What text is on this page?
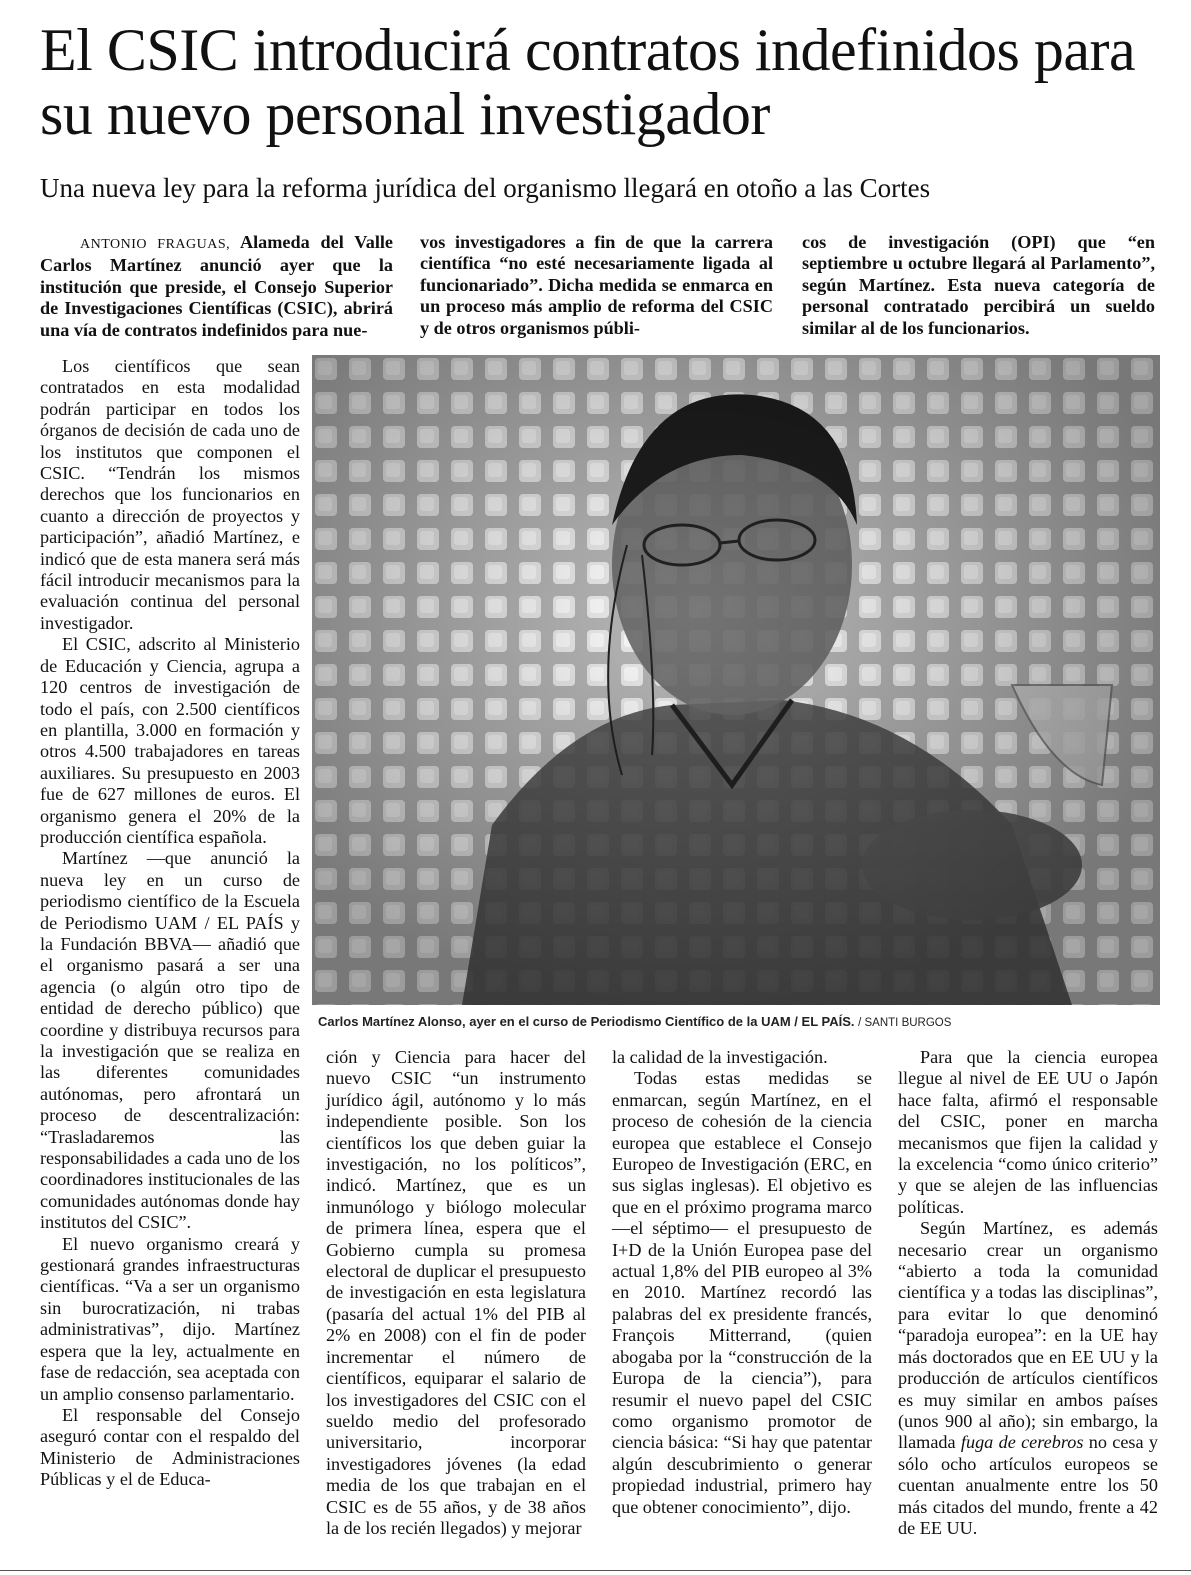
El CSIC introducirá contratos indefinidos para su nuevo personal investigador
Una nueva ley para la reforma jurídica del organismo llegará en otoño a las Cortes

ANTONIO FRAGUAS, Alameda del Valle Carlos Martínez anunció ayer que la institución que preside, el Consejo Superior de Investigaciones Científicas (CSIC), abrirá una vía de contratos indefinidos para nue-

vos investigadores a fin de que la carrera científica “no esté necesariamente ligada al funcionariado”. Dicha medida se enmarca en un proceso más amplio de reforma del CSIC y de otros organismos públi-

cos de investigación (OPI) que “en septiembre u octubre llegará al Parlamento”, según Martínez. Esta nueva categoría de personal contratado percibirá un sueldo similar al de los funcionarios.

Los científicos que sean contratados en esta modalidad podrán participar en todos los órganos de decisión de cada uno de los institutos que componen el CSIC. “Tendrán los mismos derechos que los funcionarios en cuanto a dirección de proyectos y participación”, añadió Martínez, e indicó que de esta manera será más fácil introducir mecanismos para la evaluación continua del personal investigador.

El CSIC, adscrito al Ministerio de Educación y Ciencia, agrupa a 120 centros de investigación de todo el país, con 2.500 científicos en plantilla, 3.000 en formación y otros 4.500 trabajadores en tareas auxiliares. Su presupuesto en 2003 fue de 627 millones de euros. El organismo genera el 20% de la producción científica española.

Martínez —que anunció la nueva ley en un curso de periodismo científico de la Escuela de Periodismo UAM / EL PAÍS y la Fundación BBVA— añadió que el organismo pasará a ser una agencia (o algún otro tipo de entidad de derecho público) que coordine y distribuya recursos para la investigación que se realiza en las diferentes comunidades autónomas, pero afrontará un proceso de descentralización: “Trasladaremos las responsabilidades a cada uno de los coordinadores institucionales de las comunidades autónomas donde hay institutos del CSIC”.

El nuevo organismo creará y gestionará grandes infraestructuras científicas. “Va a ser un organismo sin burocratización, ni trabas administrativas”, dijo. Martínez espera que la ley, actualmente en fase de redacción, sea aceptada con un amplio consenso parlamentario.

El responsable del Consejo aseguró contar con el respaldo del Ministerio de Administraciones Públicas y el de Educa-

Carlos Martínez Alonso, ayer en el curso de Periodismo Científico de la UAM / EL PAÍS. / SANTI BURGOS

ción y Ciencia para hacer del nuevo CSIC “un instrumento jurídico ágil, autónomo y lo más independiente posible. Son los científicos los que deben guiar la investigación, no los políticos”, indicó. Martínez, que es un inmunólogo y biólogo molecular de primera línea, espera que el Gobierno cumpla su promesa electoral de duplicar el presupuesto de investigación en esta legislatura (pasaría del actual 1% del PIB al 2% en 2008) con el fin de poder incrementar el número de científicos, equiparar el salario de los investigadores del CSIC con el sueldo medio del profesorado universitario, incorporar investigadores jóvenes (la edad media de los que trabajan en el CSIC es de 55 años, y de 38 años la de los recién llegados) y mejorar

la calidad de la investigación.

Todas estas medidas se enmarcan, según Martínez, en el proceso de cohesión de la ciencia europea que establece el Consejo Europeo de Investigación (ERC, en sus siglas inglesas). El objetivo es que en el próximo programa marco —el séptimo— el presupuesto de I+D de la Unión Europea pase del actual 1,8% del PIB europeo al 3% en 2010. Martínez recordó las palabras del ex presidente francés, François Mitterrand, (quien abogaba por la “construcción de la Europa de la ciencia”), para resumir el nuevo papel del CSIC como organismo promotor de ciencia básica: “Si hay que patentar algún descubrimiento o generar propiedad industrial, primero hay que obtener conocimiento”, dijo.

Para que la ciencia europea llegue al nivel de EE UU o Japón hace falta, afirmó el responsable del CSIC, poner en marcha mecanismos que fijen la calidad y la excelencia “como único criterio” y que se alejen de las influencias políticas.

Según Martínez, es además necesario crear un organismo “abierto a toda la comunidad científica y a todas las disciplinas”, para evitar lo que denominó “paradoja europea”: en la UE hay más doctorados que en EE UU y la producción de artículos científicos es muy similar en ambos países (unos 900 al año); sin embargo, la llamada fuga de cerebros no cesa y sólo ocho artículos europeos se cuentan anualmente entre los 50 más citados del mundo, frente a 42 de EE UU.
